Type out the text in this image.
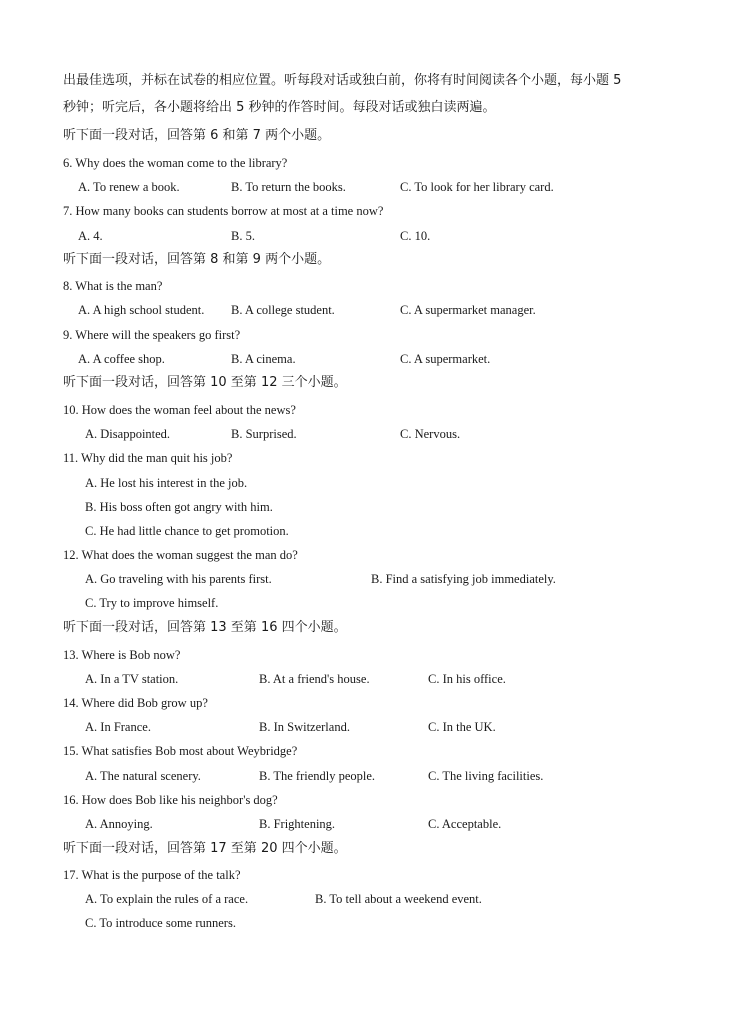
出最佳选项，并标在试卷的相应位置。听每段对话或独白前，你将有时间阅读各个小题，每小题 5
秒钟；听完后，各小题将给出 5 秒钟的作答时间。每段对话或独白读两遍。
听下面一段对话，回答第 6 和第 7 两个小题。
6. Why does the woman come to the library?
A. To renew a book.	B. To return the books.	C. To look for her library card.
7. How many books can students borrow at most at a time now?
A. 4.	B. 5.	C. 10.
听下面一段对话，回答第 8 和第 9 两个小题。
8. What is the man?
A. A high school student. B. A college student.	C. A supermarket manager.
9. Where will the speakers go first?
A. A coffee shop.	B. A cinema.	C. A supermarket.
听下面一段对话，回答第 10 至第 12 三个小题。
10. How does the woman feel about the news?
A. Disappointed.	B. Surprised.	C. Nervous.
11. Why did the man quit his job?
A. He lost his interest in the job.
B. His boss often got angry with him.
C. He had little chance to get promotion.
12. What does the woman suggest the man do?
A. Go traveling with his parents first.	B. Find a satisfying job immediately.
C. Try to improve himself.
听下面一段对话，回答第 13 至第 16 四个小题。
13. Where is Bob now?
A. In a TV station.	B. At a friend's house.	C. In his office.
14. Where did Bob grow up?
A. In France.	B. In Switzerland.	C. In the UK.
15. What satisfies Bob most about Weybridge?
A. The natural scenery.	B. The friendly people.	C. The living facilities.
16. How does Bob like his neighbor's dog?
A. Annoying.	B. Frightening.	C. Acceptable.
听下面一段对话，回答第 17 至第 20 四个小题。
17. What is the purpose of the talk?
A. To explain the rules of a race.	B. To tell about a weekend event.
C. To introduce some runners.
